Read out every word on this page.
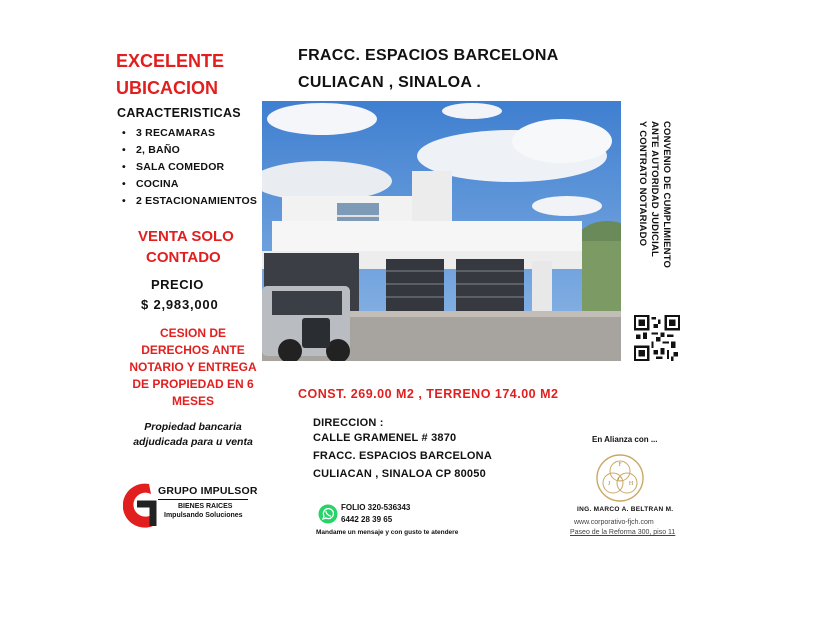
EXCELENTE
UBICACION
CARACTERISTICAS
• 3 RECAMARAS
• 2, BAÑO
• SALA COMEDOR
• COCINA
• 2 ESTACIONAMIENTOS
VENTA SOLO
CONTADO
PRECIO
$ 2,983,000
CESION DE
DERECHOS ANTE
NOTARIO Y ENTREGA
DE PROPIEDAD EN 6
MESES
Propiedad bancaria
adjudicada para u venta
GRUPO IMPULSOR
BIENES RAICES
Impulsando Soluciones
FRACC. ESPACIOS BARCELONA
CULIACAN , SINALOA .
CONVENIO DE CUMPLIMIENTO
ANTE AUTORIDAD JUDICIAL
Y CONTRATO NOTARIADO
CONST. 269.00 M2 , TERRENO 174.00 M2
DIRECCION :
CALLE GRAMENEL # 3870
FRACC. ESPACIOS BARCELONA
CULIACAN , SINALOA CP 80050
En Alianza con ...
F
J
C
H
ING. MARCO A. BELTRAN M.
www.corporativo-fjch.com
Paseo de la Reforma 300, piso 11
FOLIO 320-536343
6442 28 39 65
Mandame un mensaje y con gusto te atendere
